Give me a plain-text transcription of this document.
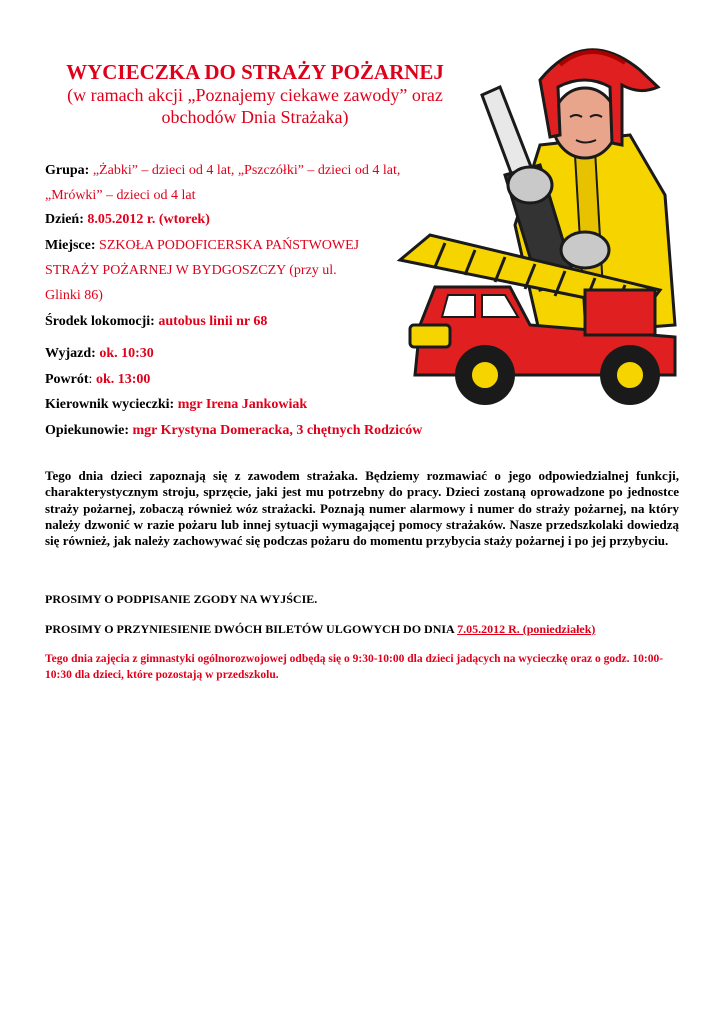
WYCIECZKA DO STRAŻY POŻARNEJ
(w ramach akcji „Poznajemy ciekawe zawody” oraz
obchodów Dnia Strażaka)
Grupa: „Żabki” – dzieci od 4 lat, „Pszczółki” – dzieci od 4 lat,
„Mrówki” – dzieci od 4 lat
Dzień: 8.05.2012 r. (wtorek)
Miejsce: SZKOŁA PODOFICERSKA PAŃSTWOWEJ
STRAŻY POŻARNEJ W BYDGOSZCZY (przy ul.
Glinki 86)
Środek lokomocji: autobus linii nr 68
Wyjazd: ok. 10:30
Powrót: ok. 13:00
Kierownik wycieczki: mgr Irena Jankowiak
Opiekunowie: mgr Krystyna Domeracka, 3 chętnych Rodziców
Tego dnia dzieci zapoznają się z zawodem strażaka. Będziemy rozmawiać o jego odpowiedzialnej funkcji, charakterystycznym stroju, sprzęcie, jaki jest mu potrzebny do pracy. Dzieci zostaną oprowadzone po jednostce straży pożarnej, zobaczą również wóz strażacki. Poznają numer alarmowy i numer do straży pożarnej, na który należy dzwonić w razie pożaru lub innej sytuacji wymagającej pomocy strażaków. Nasze przedszkolaki dowiedzą się również, jak należy zachowywać się podczas pożaru do momentu przybycia staży pożarnej i po jej przybyciu.
PROSIMY O PODPISANIE ZGODY NA WYJŚCIE.
PROSIMY O PRZYNIESIENIE DWÓCH BILETÓW ULGOWYCH DO DNIA 7.05.2012 R. (poniedziałek)
Tego dnia zajęcia z gimnastyki ogólnorozwojowej odbędą się o 9:30-10:00 dla dzieci jadących na wycieczkę oraz o godz. 10:00-10:30 dla dzieci, które pozostają w przedszkolu.
